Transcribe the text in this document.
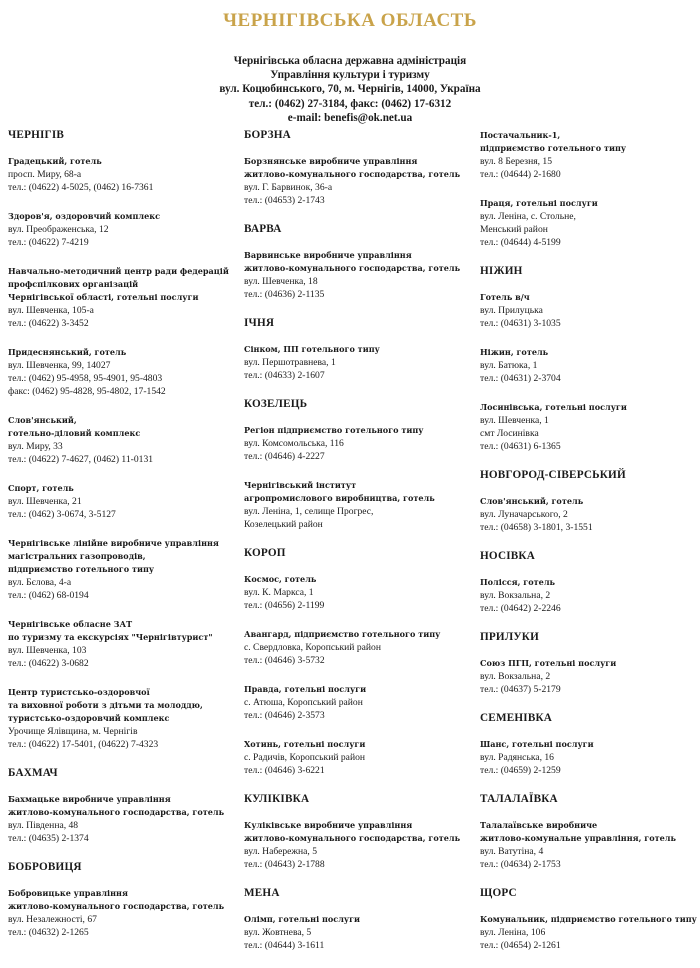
ЧЕРНІГІВСЬКА ОБЛАСТЬ
Чернігівська обласна державна адміністрація
Управління культури і туризму
вул. Коцюбинського, 70, м. Чернігів, 14000, Україна
тел.: (0462) 27-3184, факс: (0462) 17-6312
e-mail: benefis@ok.net.ua
ЧЕРНІГІВ
Градецький, готель
просп. Миру, 68-а
тел.: (04622) 4-5025, (0462) 16-7361
Здоров'я, оздоровчий комплекс
вул. Преображенська, 12
тел.: (04622) 7-4219
Навчально-методичний центр ради федерацій
профспілкових організацій
Чернігівської області, готельні послуги
вул. Шевченка, 105-а
тел.: (04622) 3-3452
Придеснянський, готель
вул. Шевченка, 99, 14027
тел.: (0462) 95-4958, 95-4901, 95-4803
факс: (0462) 95-4828, 95-4802, 17-1542
Слов'янський,
готельно-діловий комплекс
вул. Миру, 33
тел.: (04622) 7-4627, (0462) 11-0131
Спорт, готель
вул. Шевченка, 21
тел.: (0462) 3-0674, 3-5127
Чернігівське лінійне виробниче управління
магістральних газопроводів,
підприємство готельного типу
вул. Бєлова, 4-а
тел.: (0462) 68-0194
Чернігівське обласне ЗАТ
по туризму та екскурсіях "Чернігівтурист"
вул. Шевченка, 103
тел.: (04622) 3-0682
Центр туристсько-оздоровчої
та виховної роботи з дітьми та молоддю,
туристсько-оздоровчий комплекс
Урочище Ялівщина, м. Чернігів
тел.: (04622) 17-5401, (04622) 7-4323
БАХМАЧ
Бахмацьке виробниче управління
житлово-комунального господарства, готель
вул. Південна, 48
тел.: (04635) 2-1374
БОБРОВИЦЯ
Бобровицьке управління
житлово-комунального господарства, готель
вул. Незалежності, 67
тел.: (04632) 2-1265
БОРЗНА
Борзнянське виробниче управління
житлово-комунального господарства, готель
вул. Г. Барвинок, 36-а
тел.: (04653) 2-1743
ВАРВА
Варвинське виробниче управління
житлово-комунального господарства, готель
вул. Шевченка, 18
тел.: (04636) 2-1135
ІЧНЯ
Сінком, ПП готельного типу
вул. Першотравнева, 1
тел.: (04633) 2-1607
КОЗЕЛЕЦЬ
Регіон підприємство готельного типу
вул. Комсомольська, 116
тел.: (04646) 4-2227
Чернігівський інститут
агропромислового виробництва, готель
вул. Леніна, 1, селище Прогрес,
Козелецький район
КОРОП
Космос, готель
вул. К. Маркса, 1
тел.: (04656) 2-1199
Авангард, підприємство готельного типу
с. Свердловка, Коропський район
тел.: (04646) 3-5732
Правда, готельні послуги
с. Атюша, Коропський район
тел.: (04646) 2-3573
Хотинь, готельні послуги
с. Радичів, Коропський район
тел.: (04646) 3-6221
КУЛІКІВКА
Куліківське виробниче управління
житлово-комунального господарства, готель
вул. Набережна, 5
тел.: (04643) 2-1788
МЕНА
Олімп, готельні послуги
вул. Жовтнева, 5
тел.: (04644) 3-1611
Постачальник-1,
підприємство готельного типу
вул. 8 Березня, 15
тел.: (04644) 2-1680
Праця, готельні послуги
вул. Леніна, с. Стольне,
Менський район
тел.: (04644) 4-5199
НІЖИН
Готель в/ч
вул. Прилуцька
тел.: (04631) 3-1035
Ніжин, готель
вул. Батюка, 1
тел.: (04631) 2-3704
Лосинівська, готельні послуги
вул. Шевченка, 1
смт Лосинівка
тел.: (04631) 6-1365
НОВГОРОД-СІВЕРСЬКИЙ
Слов'янський, готель
вул. Луначарського, 2
тел.: (04658) 3-1801, 3-1551
НОСІВКА
Полісся, готель
вул. Вокзальна, 2
тел.: (04642) 2-2246
ПРИЛУКИ
Союз ПГП, готельні послуги
вул. Вокзальна, 2
тел.: (04637) 5-2179
СЕМЕНІВКА
Шанс, готельні послуги
вул. Радянська, 16
тел.: (04659) 2-1259
ТАЛАЛАЇВКА
Талалаївське виробниче
житлово-комунальне управління, готель
вул. Ватутіна, 4
тел.: (04634) 2-1753
ЩОРС
Комунальник, підприємство готельного типу
вул. Леніна, 106
тел.: (04654) 2-1261
